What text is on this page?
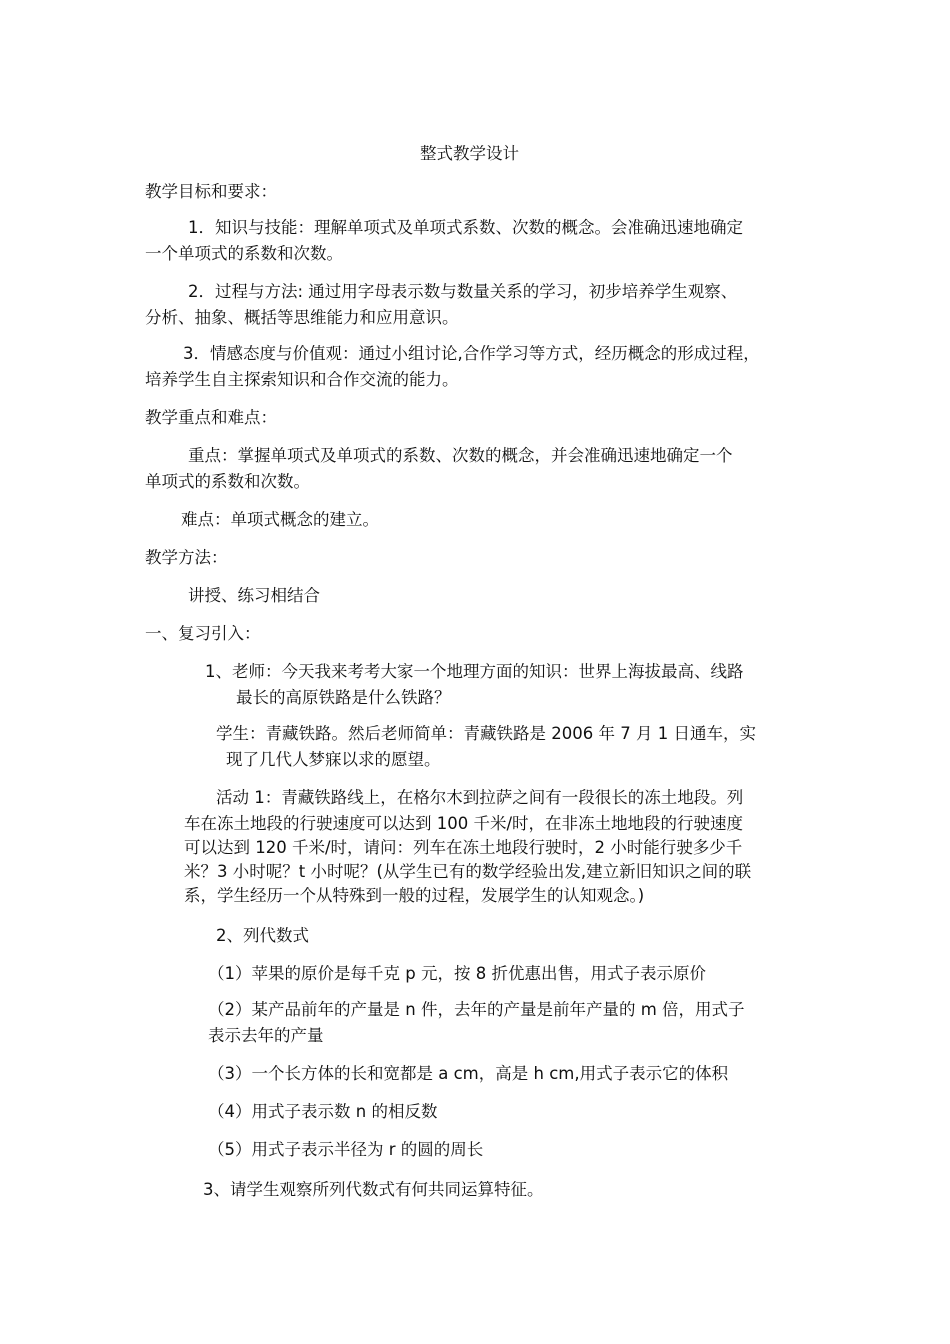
整式教学设计

教学目标和要求：

1．知识与技能：理解单项式及单项式系数、次数的概念。会准确迅速地确定

一个单项式的系数和次数。

2．过程与方法: 通过用字母表示数与数量关系的学习，初步培养学生观察、

分析、抽象、概括等思维能力和应用意识。

3．情感态度与价值观：通过小组讨论,合作学习等方式，经历概念的形成过程，

培养学生自主探索知识和合作交流的能力。

教学重点和难点：

重点：掌握单项式及单项式的系数、次数的概念，并会准确迅速地确定一个

单项式的系数和次数。

难点：单项式概念的建立。

教学方法：

讲授、练习相结合

一、复习引入：

1、老师：今天我来考考大家一个地理方面的知识：世界上海拔最高、线路

最长的高原铁路是什么铁路？

学生：青藏铁路。然后老师简单：青藏铁路是 2006 年 7 月 1 日通车，实

现了几代人梦寐以求的愿望。

活动 1：青藏铁路线上，在格尔木到拉萨之间有一段很长的冻土地段。列

车在冻土地段的行驶速度可以达到 100 千米/时，在非冻土地地段的行驶速度

可以达到 120 千米/时，请问：列车在冻土地段行驶时，2 小时能行驶多少千

米？3 小时呢？t 小时呢？(从学生已有的数学经验出发,建立新旧知识之间的联

系，学生经历一个从特殊到一般的过程，发展学生的认知观念。)

2、列代数式

（1）苹果的原价是每千克 p 元，按 8 折优惠出售，用式子表示原价

（2）某产品前年的产量是 n 件，去年的产量是前年产量的 m 倍，用式子

表示去年的产量

（3）一个长方体的长和宽都是 a cm，高是 h cm,用式子表示它的体积

（4）用式子表示数 n 的相反数

（5）用式子表示半径为 r 的圆的周长

3、请学生观察所列代数式有何共同运算特征。
